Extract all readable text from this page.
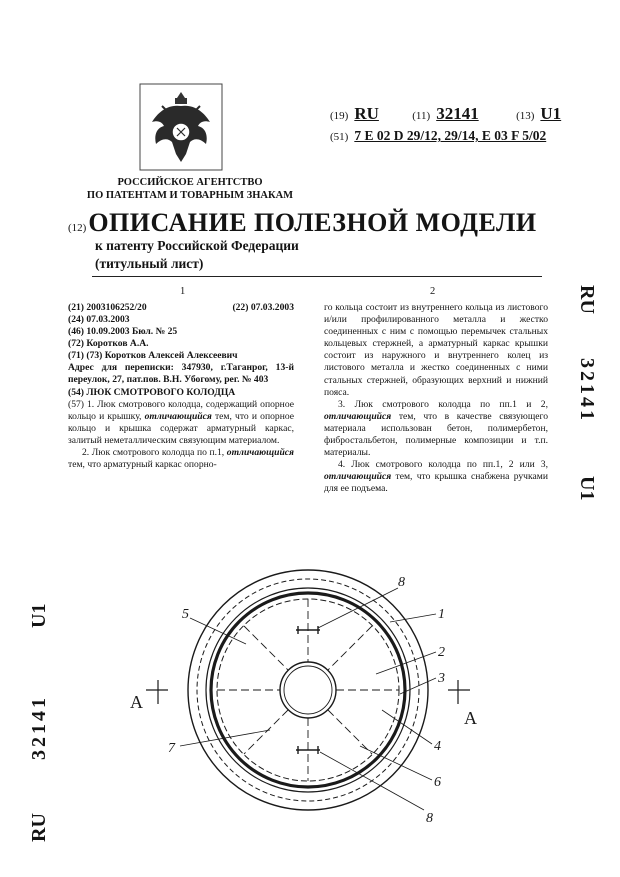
РОССИЙСКОЕ АГЕНТСТВО
ПО ПАТЕНТАМ И ТОВАРНЫМ ЗНАКАМ
(19) RU	(11) 32141	(13) U1
(51) 7 E 02 D 29/12, 29/14, E 03 F 5/02
(12)ОПИСАНИЕ ПОЛЕЗНОЙ МОДЕЛИ
к патенту Российской Федерации
(титульный лист)
1	2
(21) 2003106252/20	(22) 07.03.2003

(24) 07.03.2003

(46) 10.09.2003 Бюл. № 25

(72) Коротков А.А.

(71) (73) Коротков Алексей Алексеевич

Адрес для переписки: 347930, г.Таганрог, 13-й переулок, 27, пат.пов. В.Н. Убогому, рег. № 403

(54) ЛЮК СМОТРОВОГО КОЛОДЦА

(57) 1. Люк смотрового колодца, содержащий опорное кольцо и крышку, отличающийся тем, что и опорное кольцо и крышка содержат арматурный каркас, залитый неметаллическим связующим материалом.

2. Люк смотрового колодца по п.1, отличающийся тем, что арматурный каркас опорно-

го кольца состоит из внутреннего кольца из листового и/или профилированного металла и жестко соединенных с ним с помощью перемычек стальных кольцевых стержней, а арматурный каркас крышки состоит из наружного и внутреннего колец из листового металла и жестко соединенных с ними стальных стержней, образующих верхний и нижний пояса.

3. Люк смотрового колодца по пп.1 и 2, отличающийся тем, что в качестве связующего материала использован бетон, полимербетон, фибростальбетон, полимерные композиции и т.п. материалы.

4. Люк смотрового колодца по пп.1, 2 или 3, отличающийся тем, что крышка снабжена ручками для ее подъема.

RU
32141
U1
RU
32141
U1
8
1
5
2
3
4
6
7
8
А
А
